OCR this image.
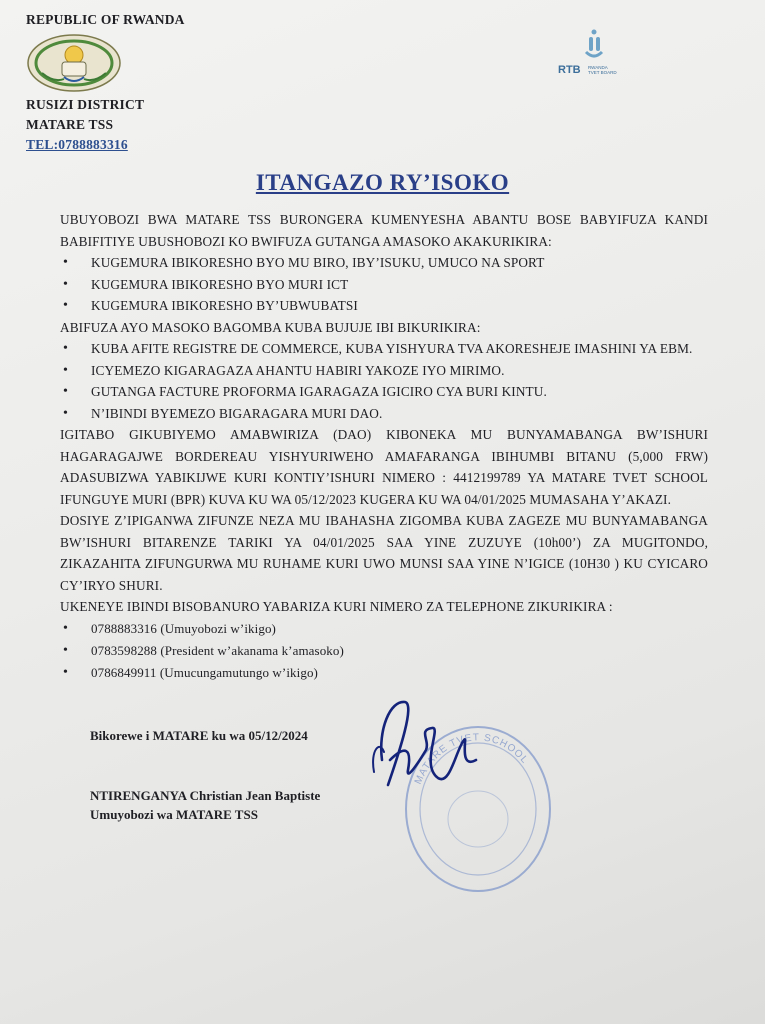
REPUBLIC OF RWANDA
RUSIZI DISTRICT
MATARE TSS
TEL:0788883316
RTB RWANDA
TVET BOARD
ITANGAZO RY’ISOKO

UBUYOBOZI BWA MATARE TSS BURONGERA KUMENYESHA ABANTU BOSE BABYIFUZA KANDI

BABIFITIYE UBUSHOBOZI KO BWIFUZA GUTANGA AMASOKO AKAKURIKIRA:

• KUGEMURA IBIKORESHO BYO MU BIRO, IBY’ISUKU, UMUCO NA SPORT
• KUGEMURA IBIKORESHO BYO MURI ICT
• KUGEMURA IBIKORESHO BY’UBWUBATSI

ABIFUZA AYO MASOKO BAGOMBA KUBA BUJUJE IBI BIKURIKIRA:

• KUBA AFITE REGISTRE DE COMMERCE, KUBA YISHYURA TVA AKORESHEJE IMASHINI YA EBM.
• ICYEMEZO KIGARAGAZA AHANTU HABIRI YAKOZE IYO MIRIMO.
• GUTANGA FACTURE PROFORMA IGARAGAZA IGICIRO CYA BURI KINTU.
• N’IBINDI BYEMEZO BIGARAGARA MURI DAO.

IGITABO GIKUBIYEMO AMABWIRIZA (DAO) KIBONEKA MU BUNYAMABANGA BW’ISHURI HAGARAGAJWE BORDEREAU YISHYURIWEHO AMAFARANGA IBIHUMBI BITANU (5,000 FRW) ADASUBIZWA YABIKIJWE KURI KONTIY’ISHURI NIMERO : 4412199789 YA MATARE TVET SCHOOL IFUNGUYE MURI (BPR) KUVA KU WA 05/12/2023 KUGERA KU WA 04/01/2025 MUMASAHA Y’AKAZI.

DOSIYE Z’IPIGANWA ZIFUNZE NEZA MU IBAHASHA ZIGOMBA KUBA ZAGEZE MU BUNYAMABANGA BW’ISHURI BITARENZE TARIKI YA 04/01/2025 SAA YINE ZUZUYE (10h00’) ZA MUGITONDO, ZIKAZAHITA ZIFUNGURWA MU RUHAME KURI UWO MUNSI SAA YINE N’IGICE (10H30 ) KU CYICARO CY’IRYO SHURI.

UKENEYE IBINDI BISOBANURO YABARIZA KURI NIMERO ZA TELEPHONE ZIKURIKIRA :

• 0788883316 (Umuyobozi w’ikigo)
• 0783598288 (President w’akanama k’amasoko)
• 0786849911 (Umucungamutungo w’ikigo)
MATARE TVET SCHOOL
Bikorewe i MATARE ku wa 05/12/2024
NTIRENGANYA Christian Jean Baptiste
Umuyobozi wa MATARE TSS
